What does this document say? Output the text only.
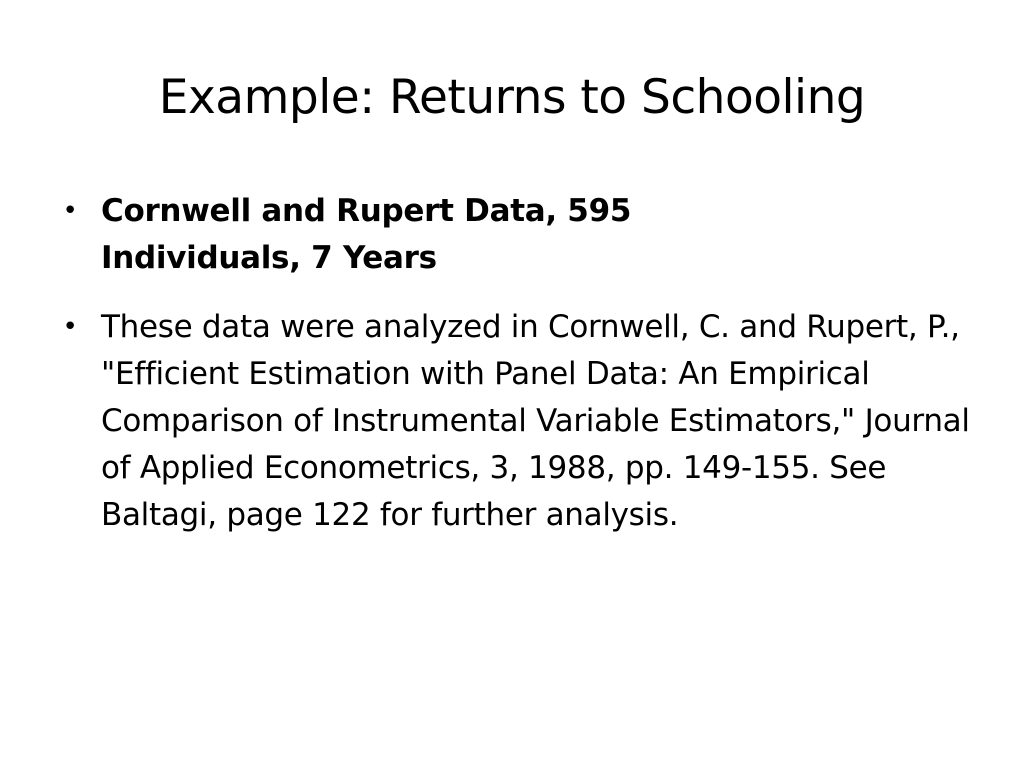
Example: Returns to Schooling
• Cornwell and Rupert Data, 595 Individuals, 7 Years
• These data were analyzed in Cornwell, C. and Rupert, P., "Efficient Estimation with Panel Data: An Empirical Comparison of Instrumental Variable Estimators," Journal of Applied Econometrics, 3, 1988, pp. 149-155. See Baltagi, page 122 for further analysis.
